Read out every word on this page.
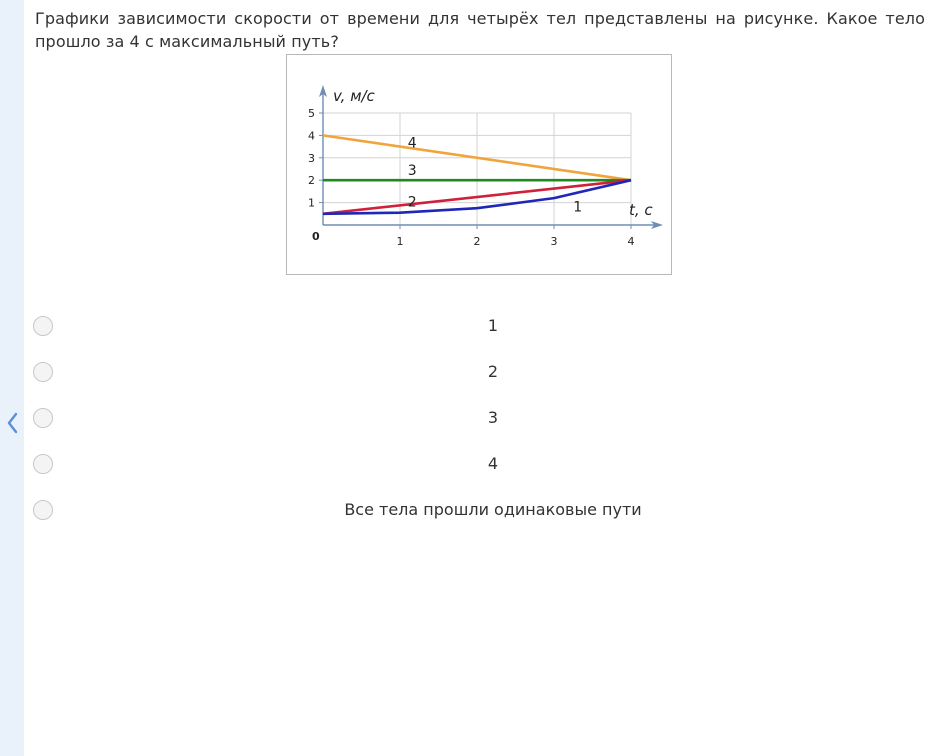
Графики зависимости скорости от времени для четырёх тел представлены на рисунке. Какое тело прошло за 4 с максимальный путь?
1
2
3
4
5
1	2	3	4
0
v, м/с
t, с
4
3
2	1
1
2
3
4
Все тела прошли одинаковые пути
